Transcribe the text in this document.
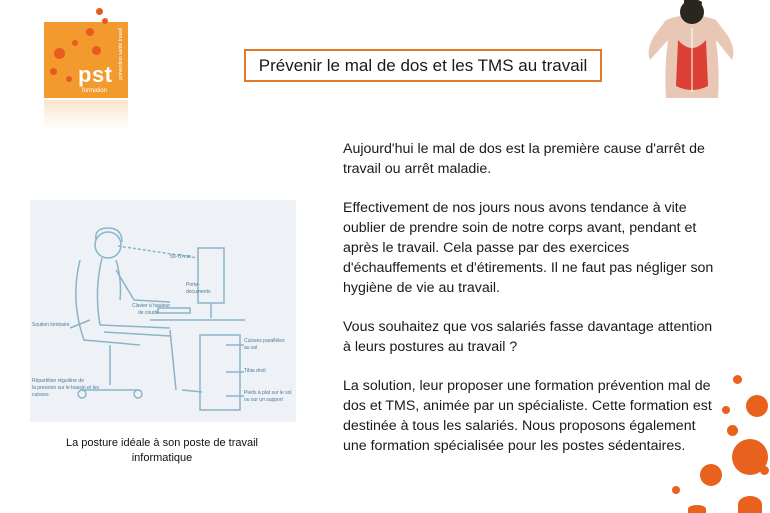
pst
formation
prévention santé travail	Prévenir le mal de dos et les TMS au travail
50-70 cm
Porte-
documents
Clavier à hauteur
de coude
Soutien lombaire
Cuisses parallèles
au sol
Tibia droit
Répartition régulière de
la pression sur le bassin et les
cuisses	Pieds à plat sur le sol
ou sur un support
La posture idéale à son poste de travail
informatique

Aujourd'hui le mal de dos est la première cause d'arrêt de travail ou arrêt maladie.

Effectivement de nos jours nous avons tendance à vite oublier de prendre soin de notre corps avant, pendant et après le travail. Cela passe par des exercices d'échauffements et d'étirements. Il ne faut pas négliger son hygiène de vie au travail.

Vous souhaitez que vos salariés fasse davantage attention à leurs postures au travail ?

La solution, leur proposer une formation prévention mal de dos et TMS, animée par un spécialiste. Cette formation est destinée à tous les salariés. Nous proposons également une formation spécialisée pour les postes sédentaires.
